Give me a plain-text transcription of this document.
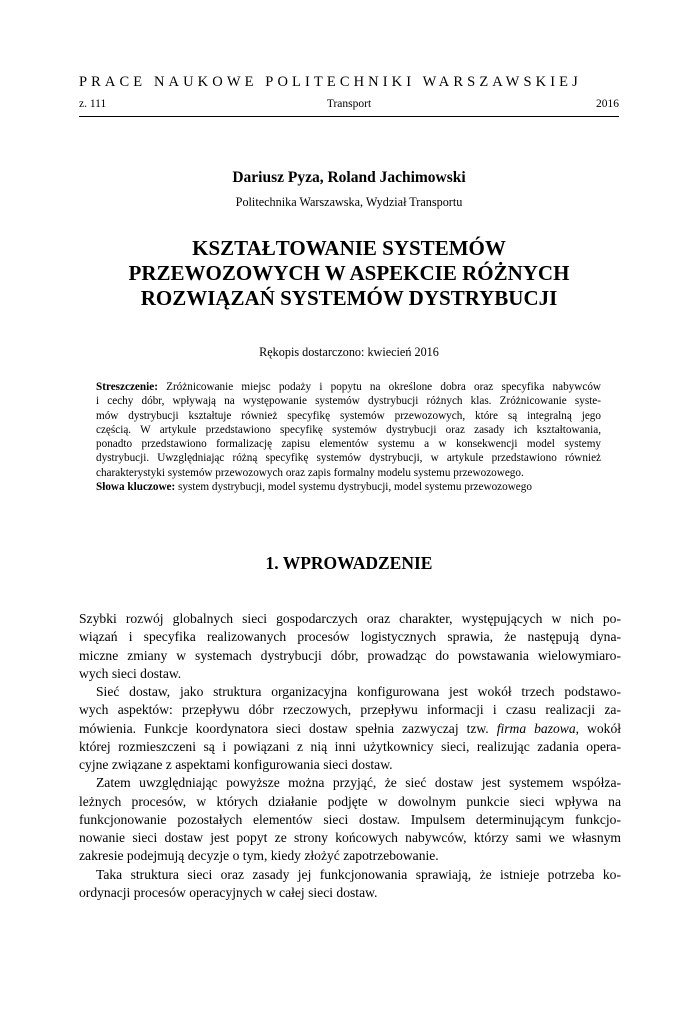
PRACE NAUKOWE POLITECHNIKI WARSZAWSKIEJ
z. 111	Transport	2016
Dariusz Pyza, Roland Jachimowski
Politechnika Warszawska, Wydział Transportu
KSZTAŁTOWANIE SYSTEMÓW
PRZEWOZOWYCH W ASPEKCIE RÓŻNYCH
ROZWIĄZAŃ SYSTEMÓW DYSTRYBUCJI
Rękopis dostarczono: kwiecień 2016
Streszczenie: Zróżnicowanie miejsc podaży i popytu na określone dobra oraz specyfika nabywców
i cechy dóbr, wpływają na występowanie systemów dystrybucji różnych klas. Zróżnicowanie syste-
mów dystrybucji kształtuje również specyfikę systemów przewozowych, które są integralną jego
częścią. W artykule przedstawiono specyfikę systemów dystrybucji oraz zasady ich kształtowania,
ponadto przedstawiono formalizację zapisu elementów systemu a w konsekwencji model systemy
dystrybucji. Uwzględniając różną specyfikę systemów dystrybucji, w artykule przedstawiono również
charakterystyki systemów przewozowych oraz zapis formalny modelu systemu przewozowego.
Słowa kluczowe: system dystrybucji, model systemu dystrybucji, model systemu przewozowego
1. WPROWADZENIE
Szybki rozwój globalnych sieci gospodarczych oraz charakter, występujących w nich po-
wiązań i specyfika realizowanych procesów logistycznych sprawia, że następują dyna-
miczne zmiany w systemach dystrybucji dóbr, prowadząc do powstawania wielowymiaro-
wych sieci dostaw.
Sieć dostaw, jako struktura organizacyjna konfigurowana jest wokół trzech podstawo-
wych aspektów: przepływu dóbr rzeczowych, przepływu informacji i czasu realizacji za-
mówienia. Funkcje koordynatora sieci dostaw spełnia zazwyczaj tzw. firma bazowa, wokół
której rozmieszczeni są i powiązani z nią inni użytkownicy sieci, realizując zadania opera-
cyjne związane z aspektami konfigurowania sieci dostaw.
Zatem uwzględniając powyższe można przyjąć, że sieć dostaw jest systemem współza-
leżnych procesów, w których działanie podjęte w dowolnym punkcie sieci wpływa na
funkcjonowanie pozostałych elementów sieci dostaw. Impulsem determinującym funkcjo-
nowanie sieci dostaw jest popyt ze strony końcowych nabywców, którzy sami we własnym
zakresie podejmują decyzje o tym, kiedy złożyć zapotrzebowanie.
Taka struktura sieci oraz zasady jej funkcjonowania sprawiają, że istnieje potrzeba ko-
ordynacji procesów operacyjnych w całej sieci dostaw.
